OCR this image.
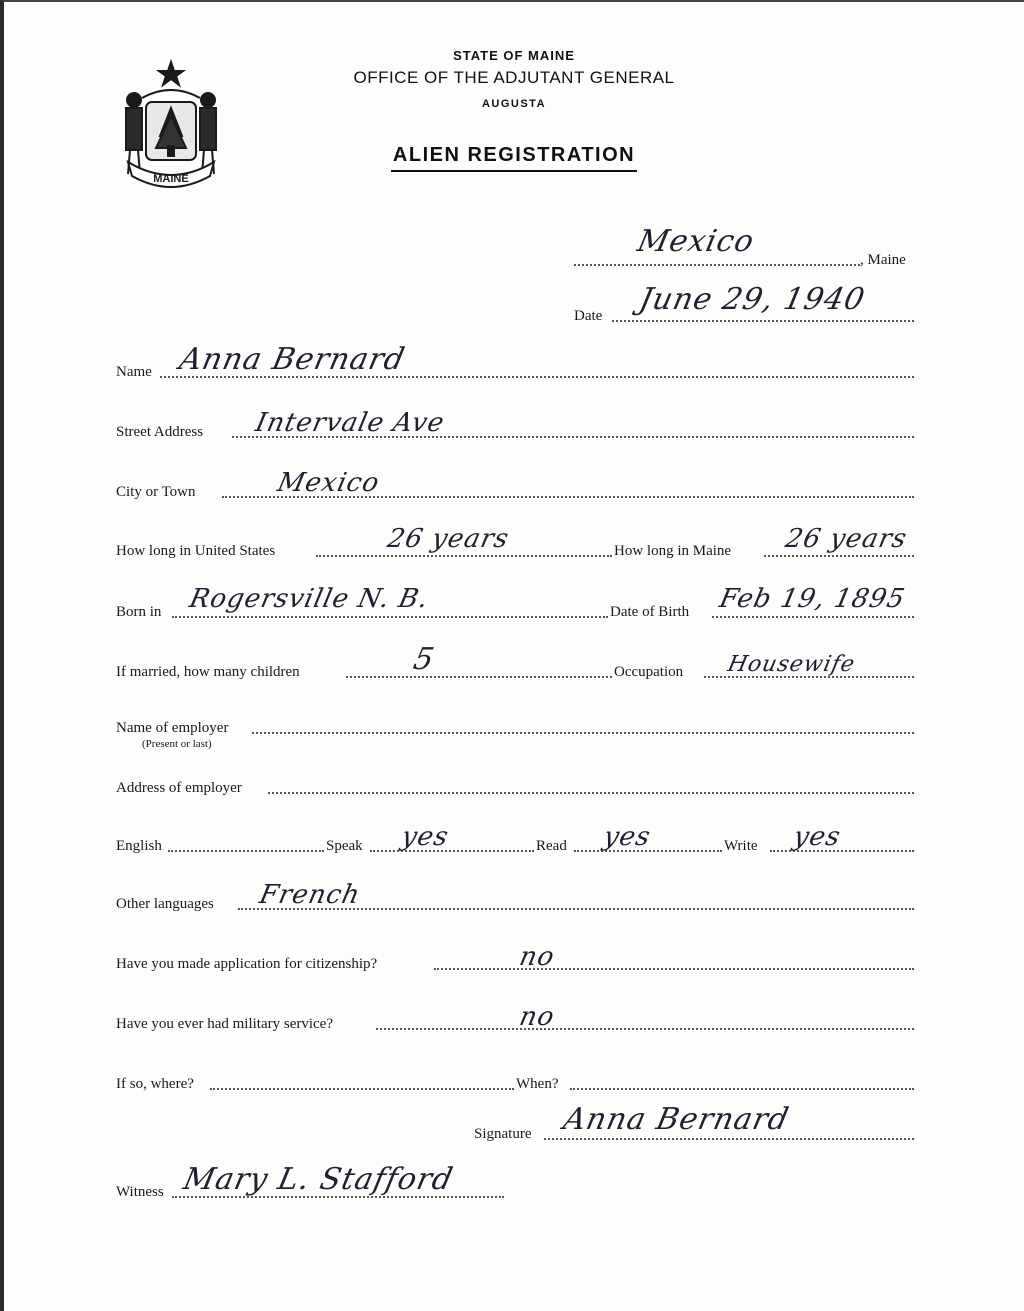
MAINE
STATE OF MAINE
OFFICE OF THE ADJUTANT GENERAL
AUGUSTA
ALIEN REGISTRATION
Mexico
, Maine
Date June 29, 1940
Name Anna Bernard
Street Address Intervale Ave
City or Town	Mexico
How long in United States	26 years	How long in Maine 26 years
Born in Rogersville N. B.	Date of Birth Feb 19, 1895
If married, how many children	5	Occupation Housewife
Name of employer
(Present or last)
Address of employer
English	Speak yes	Read yes	Write yes
Other languages French
Have you made application for citizenship?	no
Have you ever had military service?	no
If so, where?	When?
Signature Anna Bernard
Witness Mary L. Stafford
